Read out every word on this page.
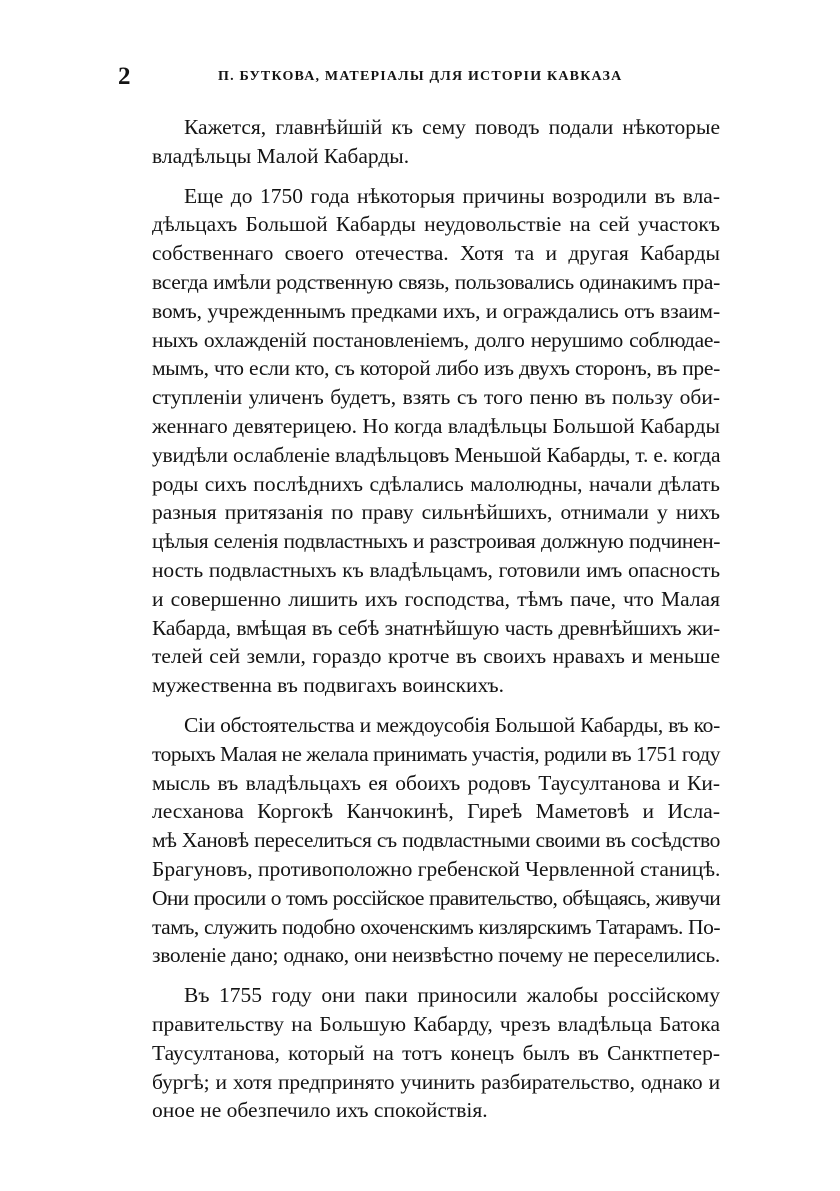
2	П. БУТКОВА, МАТЕРIАЛЫ ДЛЯ ИСТОРIИ КАВКАЗА
Кажется, главнѣйшiй къ сему поводъ подали нѣкоторые
владѣльцы Малой Кабарды.
Еще до 1750 года нѣкоторыя причины возродили въ вла-
дѣльцахъ Большой Кабарды неудовольствiе на сей участокъ
собственнаго своего отечества. Хотя та и другая Кабарды
всегда имѣли родственную связь, пользовались одинакимъ пра-
вомъ, учрежденнымъ предками ихъ, и ограждались отъ взаим-
ныхъ охлажденiй постановленiемъ, долго нерушимо соблюдае-
мымъ, что если кто, съ которой либо изъ двухъ сторонъ, въ пре-
ступленiи уличенъ будетъ, взять съ того пеню въ пользу оби-
женнаго девятерицею. Но когда владѣльцы Большой Кабарды
увидѣли ослабленiе владѣльцовъ Меньшой Кабарды, т. е. когда
роды сихъ послѣднихъ сдѣлались малолюдны, начали дѣлать
разныя притязанiя по праву сильнѣйшихъ, отнимали у нихъ
цѣлыя селенiя подвластныхъ и разстроивая должную подчинен-
ность подвластныхъ къ владѣльцамъ, готовили имъ опасность
и совершенно лишить ихъ господства, тѣмъ паче, что Малая
Кабарда, вмѣщая въ себѣ знатнѣйшую часть древнѣйшихъ жи-
телей сей земли, гораздо кротче въ своихъ нравахъ и меньше
мужественна въ подвигахъ воинскихъ.
Сiи обстоятельства и междоусобiя Большой Кабарды, въ ко-
торыхъ Малая не желала принимать участiя, родили въ 1751 году
мысль въ владѣльцахъ ея обоихъ родовъ Таусултанова и Ки-
лесханова Коргокѣ Канчокинѣ, Гиреѣ Маметовѣ и Исла-
мѣ Хановѣ переселиться съ подвластными своими въ сосѣдство
Брагуновъ, противоположно гребенской Червленной станицѣ.
Они просили о томъ россiйское правительство, обѣщаясь, живучи
тамъ, служить подобно охоченскимъ кизлярскимъ Татарамъ. По-
зволенiе дано; однако, они неизвѣстно почему не переселились.
Въ 1755 году они паки приносили жалобы россiйскому
правительству на Большую Кабарду, чрезъ владѣльца Батока
Таусултанова, который на тотъ конецъ былъ въ Санктпетер-
бургѣ; и хотя предпринято учинить разбирательство, однако и
оное не обезпечило ихъ спокойствiя.
